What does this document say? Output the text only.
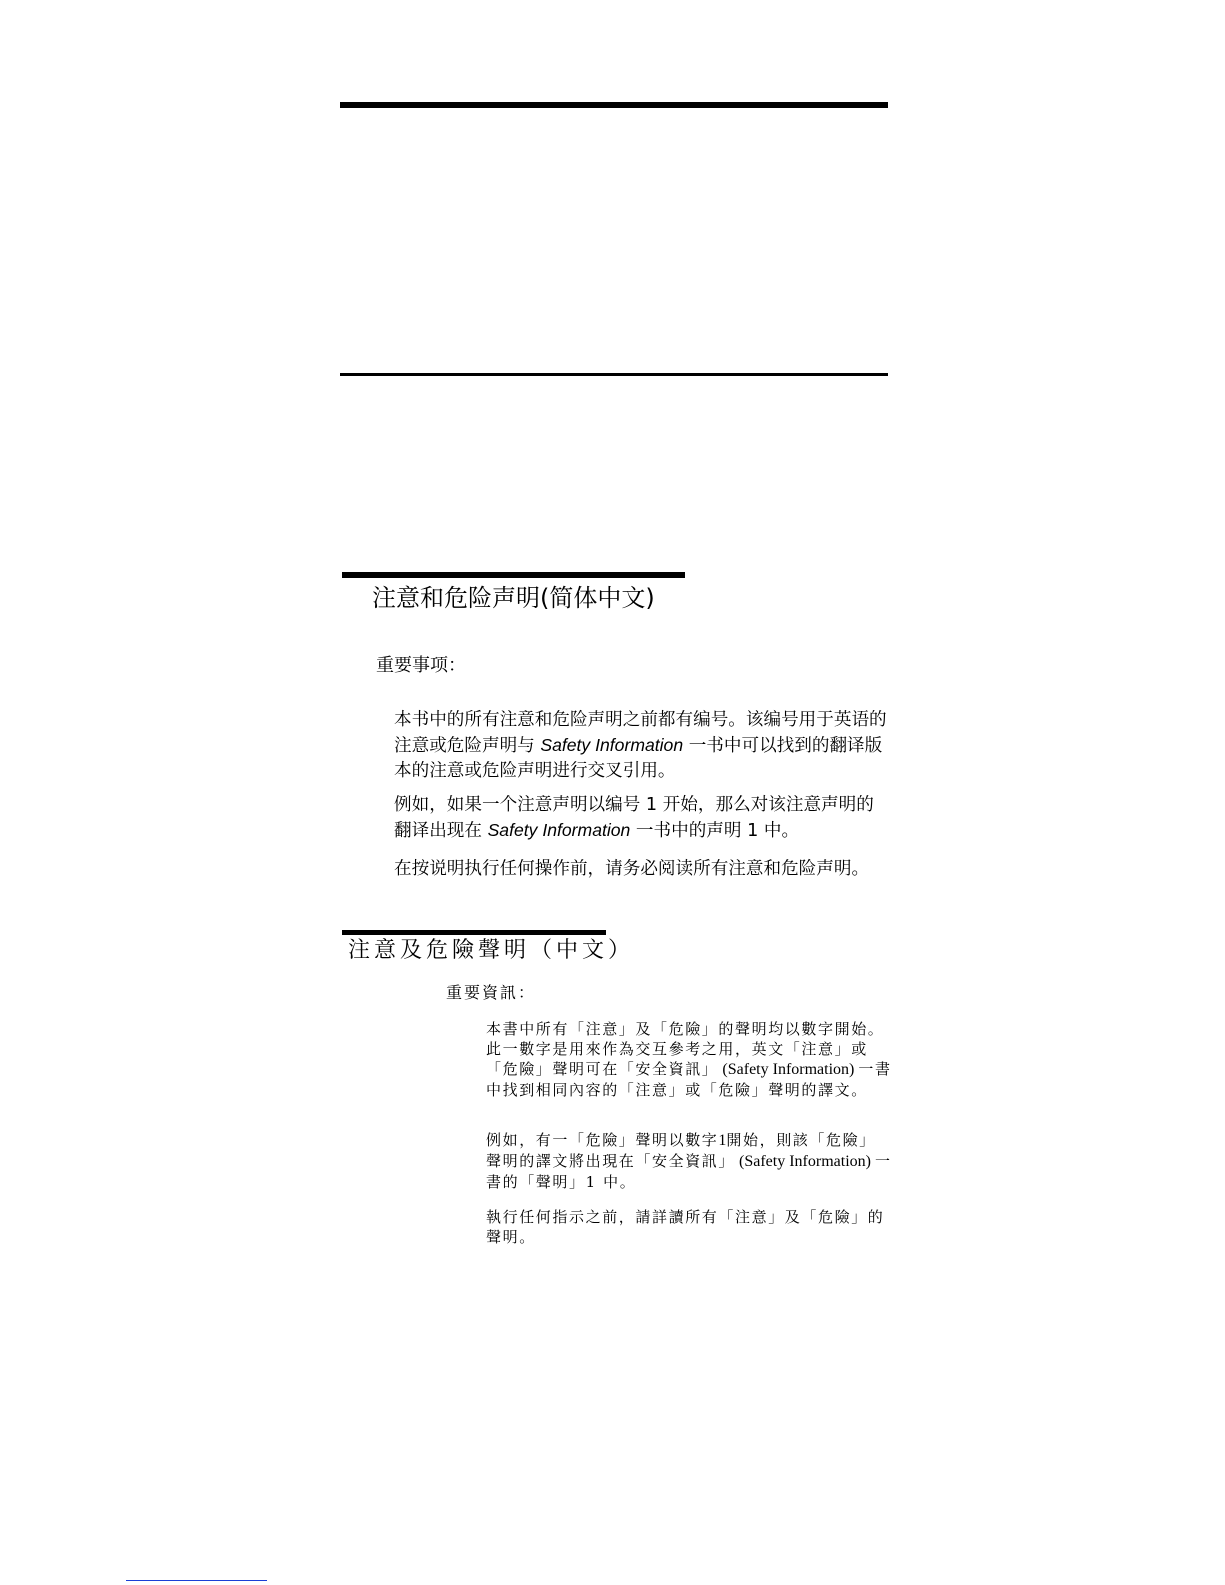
注意和危险声明(简体中文)
重要事项：

本书中的所有注意和危险声明之前都有编号。该编号用于英语的注意或危险声明与 Safety Information 一书中可以找到的翻译版本的注意或危险声明进行交叉引用。

例如，如果一个注意声明以编号 1 开始，那么对该注意声明的翻译出现在 Safety Information 一书中的声明 1 中。

在按说明执行任何操作前，请务必阅读所有注意和危险声明。

注意及危險聲明（中文）
重要資訊：

本書中所有「注意」及「危險」的聲明均以數字開始。此一數字是用來作為交互參考之用，英文「注意」或「危險」聲明可在「安全資訊」 (Safety Information) 一書中找到相同內容的「注意」或「危險」聲明的譯文。

例如，有一「危險」聲明以數字1開始，則該「危險」聲明的譯文將出現在「安全資訊」 (Safety Information) 一書的「聲明」1 中。

執行任何指示之前，請詳讀所有「注意」及「危險」的聲明。
